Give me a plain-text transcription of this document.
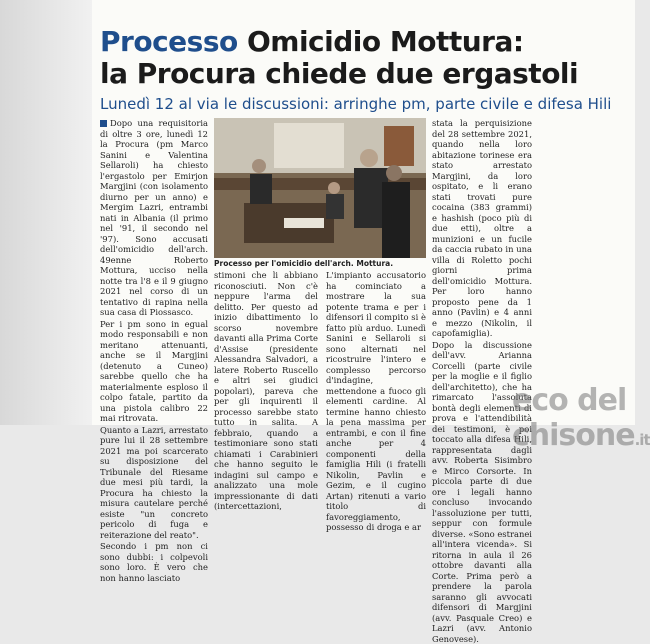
Processo Omicidio Mottura:
la Procura chiede due ergastoli
Lunedì 12 al via le discussioni: arringhe pm, parte civile e difesa Hili

Dopo una requisitoria di oltre 3 ore, lunedì 12 la Procura (pm Marco Sanini e Valentina Sellaroli) ha chiesto l'ergastolo per Emirjon Margjini (con isolamento diurno per un anno) e Mergim Lazri, entrambi nati in Albania (il primo nel '91, il secondo nel '97). Sono accusati dell'omicidio dell'arch. 49enne Roberto Mottura, ucciso nella notte tra l'8 e il 9 giugno 2021 nel corso di un tentativo di rapina nella sua casa di Piossasco.

Per i pm sono in egual modo responsabili e non meritano attenuanti, anche se il Margjini (detenuto a Cuneo) sarebbe quello che ha materialmente esploso il colpo fatale, partito da una pistola calibro 22 mai ritrovata.

Quanto a Lazri, arrestato pure lui il 28 settembre 2021 ma poi scarcerato su disposizione del Tribunale del Riesame due mesi più tardi, la Procura ha chiesto la misura cautelare perché esiste "un concreto pericolo di fuga e reiterazione del reato".

Secondo i pm non ci sono dubbi: i colpevoli sono loro. È vero che non hanno lasciato

Processo per l'omicidio dell'arch. Mottura.

stimoni che li abbiano riconosciuti. Non c'è neppure l'arma del delitto. Per questo ad inizio dibattimento lo scorso novembre davanti alla Prima Corte d'Assise (presidente Alessandra Salvadori, a latere Roberto Ruscello e altri sei giudici popolari), pareva che per gli inquirenti il processo sarebbe stato tutto in salita. A febbraio, quando a testimoniare sono stati chiamati i Carabinieri che hanno seguito le indagini sul campo e analizzato una mole impressionante di dati (intercettazioni,

L'impianto accusatorio ha cominciato a mostrare la sua potente trama e per i difensori il compito si è fatto più arduo. Lunedì Sanini e Sellaroli si sono alternati nel ricostruire l'intero e complesso percorso d'indagine, mettendone a fuoco gli elementi cardine. Al termine hanno chiesto la pena massima per entrambi, e con il fine anche per 4 componenti della famiglia Hili (i fratelli Nikolin, Pavlin e Gezim, e il cugino Artan) ritenuti a vario titolo di favoreggiamento, possesso di droga e ar

stata la perquisizione del 28 settembre 2021, quando nella loro abitazione torinese era stato arrestato Margjini, da loro ospitato, e li erano stati trovati pure cocaina (383 grammi) e hashish (poco più di due etti), oltre a munizioni e un fucile da caccia rubato in una villa di Roletto pochi giorni prima dell'omicidio Mottura. Per loro hanno proposto pene da 1 anno (Pavlin) e 4 anni e mezzo (Nikolin, il capofamiglia).

Dopo la discussione dell'avv. Arianna Corcelli (parte civile per la moglie e il figlio dell'architetto), che ha rimarcato l'assoluta bontà degli elementi di prova e l'attendibilità dei testimoni, è poi toccato alla difesa Hili, rappresentata dagli avv. Roberta Sisimbro e Mirco Corsorte. In piccola parte di due ore i legali hanno concluso invocando l'assoluzione per tutti, seppur con formule diverse. «Sono estranei all'intera vicenda». Si ritorna in aula il 26 ottobre davanti alla Corte. Prima però a prendere la parola saranno gli avvocati difensori di Margjini (avv. Pasquale Creo) e Lazri (avv. Antonio Genovese).

eco del chisone.it
